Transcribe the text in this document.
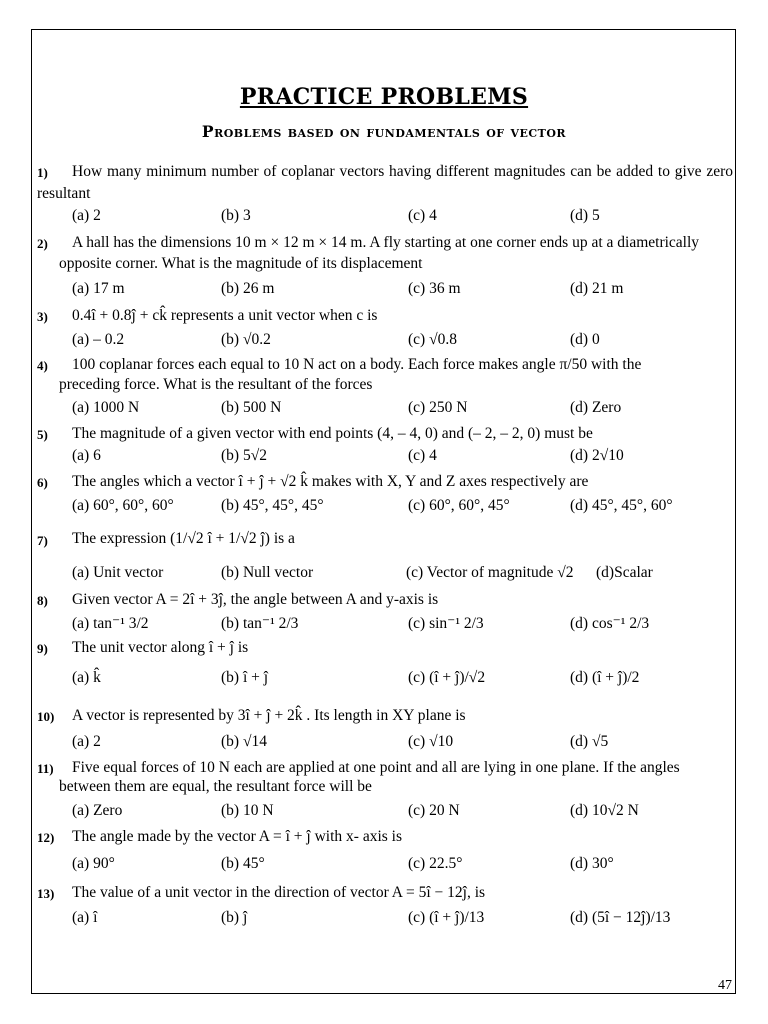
PRACTICE PROBLEMS
Problems based on fundamentals of vector
1)	How many minimum number of coplanar vectors having different magnitudes can be added to give zero resultant
(a) 2	(b) 3	(c) 4	(d) 5
2) A hall has the dimensions 10 m × 12 m × 14 m. A fly starting at one corner ends up at a diametrically
opposite corner. What is the magnitude of its displacement
(a) 17 m	(b) 26 m	(c) 36 m	(d) 21 m
3) 0.4î + 0.8ĵ + ck̂ represents a unit vector when c is
(a) – 0.2	(b) √0.2	(c) √0.8	(d) 0
4) 100 coplanar forces each equal to 10 N act on a body. Each force makes angle π/50 with the
preceding force. What is the resultant of the forces
(a) 1000 N	(b) 500 N	(c) 250 N	(d) Zero
5) The magnitude of a given vector with end points (4, – 4, 0) and (– 2, – 2, 0) must be
(a) 6	(b) 5√2	(c) 4	(d) 2√10
6) The angles which a vector î + ĵ + √2 k̂ makes with X, Y and Z axes respectively are
(a) 60°, 60°, 60°	(b) 45°, 45°, 45°	(c) 60°, 60°, 45°	(d) 45°, 45°, 60°
7) The expression (1/√2 î + 1/√2 ĵ) is a
(a) Unit vector	(b) Null vector	(c) Vector of magnitude √2 (d)Scalar
8) Given vector A = 2î + 3ĵ, the angle between A and y-axis is
(a) tan⁻¹ 3/2	(b) tan⁻¹ 2/3	(c) sin⁻¹ 2/3	(d) cos⁻¹ 2/3
9) The unit vector along î + ĵ is
(a) k̂	(b) î + ĵ	(c) (î + ĵ)/√2	(d) (î + ĵ)/2
10) A vector is represented by 3î + ĵ + 2k̂ . Its length in XY plane is
(a) 2	(b) √14	(c) √10	(d) √5
11) Five equal forces of 10 N each are applied at one point and all are lying in one plane. If the angles
between them are equal, the resultant force will be
(a) Zero	(b) 10 N	(c) 20 N	(d) 10√2 N
12) The angle made by the vector A = î + ĵ with x- axis is
(a) 90°	(b) 45°	(c) 22.5°	(d) 30°
13) The value of a unit vector in the direction of vector A = 5î − 12ĵ, is
(a) î	(b) ĵ	(c) (î + ĵ)/13	(d) (5î − 12ĵ)/13
47
